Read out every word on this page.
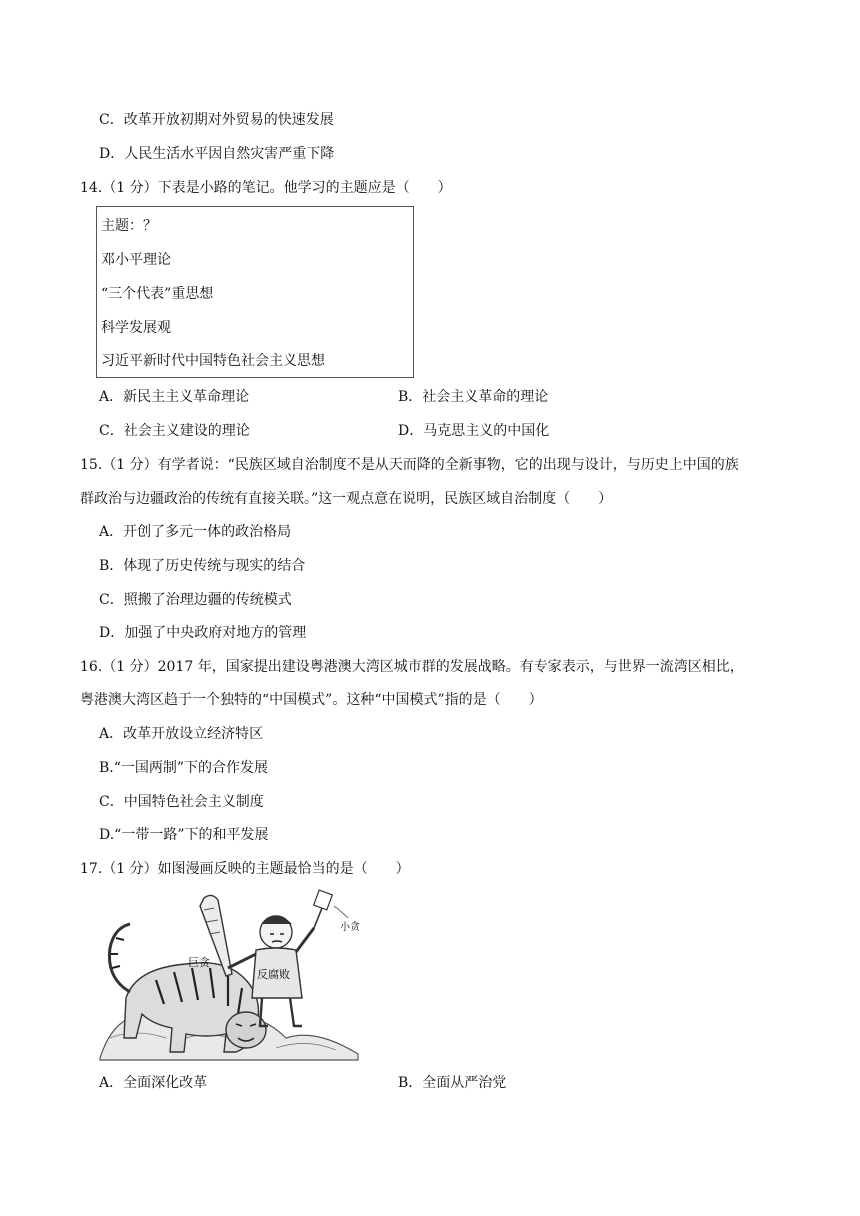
C．改革开放初期对外贸易的快速发展
D．人民生活水平因自然灾害严重下降
14.（1 分）下表是小路的笔记。他学习的主题应是（　　）
主题：？
邓小平理论
“三个代表”重思想
科学发展观
习近平新时代中国特色社会主义思想
A．新民主主义革命理论	B．社会主义革命的理论
C．社会主义建设的理论	D．马克思主义的中国化
15.（1 分）有学者说：“民族区域自治制度不是从天而降的全新事物，它的出现与设计，与历史上中国的族
群政治与边疆政治的传统有直接关联。”这一观点意在说明，民族区域自治制度（　　）
A．开创了多元一体的政治格局
B．体现了历史传统与现实的结合
C．照搬了治理边疆的传统模式
D．加强了中央政府对地方的管理
16.（1 分）2017 年，国家提出建设粤港澳大湾区城市群的发展战略。有专家表示，与世界一流湾区相比，
粤港澳大湾区趋于一个独特的“中国模式”。这种“中国模式”指的是（　　）
A．改革开放设立经济特区
B.“一国两制”下的合作发展
C．中国特色社会主义制度
D.“一带一路”下的和平发展
17.（1 分）如图漫画反映的主题最恰当的是（　　）
巨贪
反腐败
小贪
A．全面深化改革	B．全面从严治党
